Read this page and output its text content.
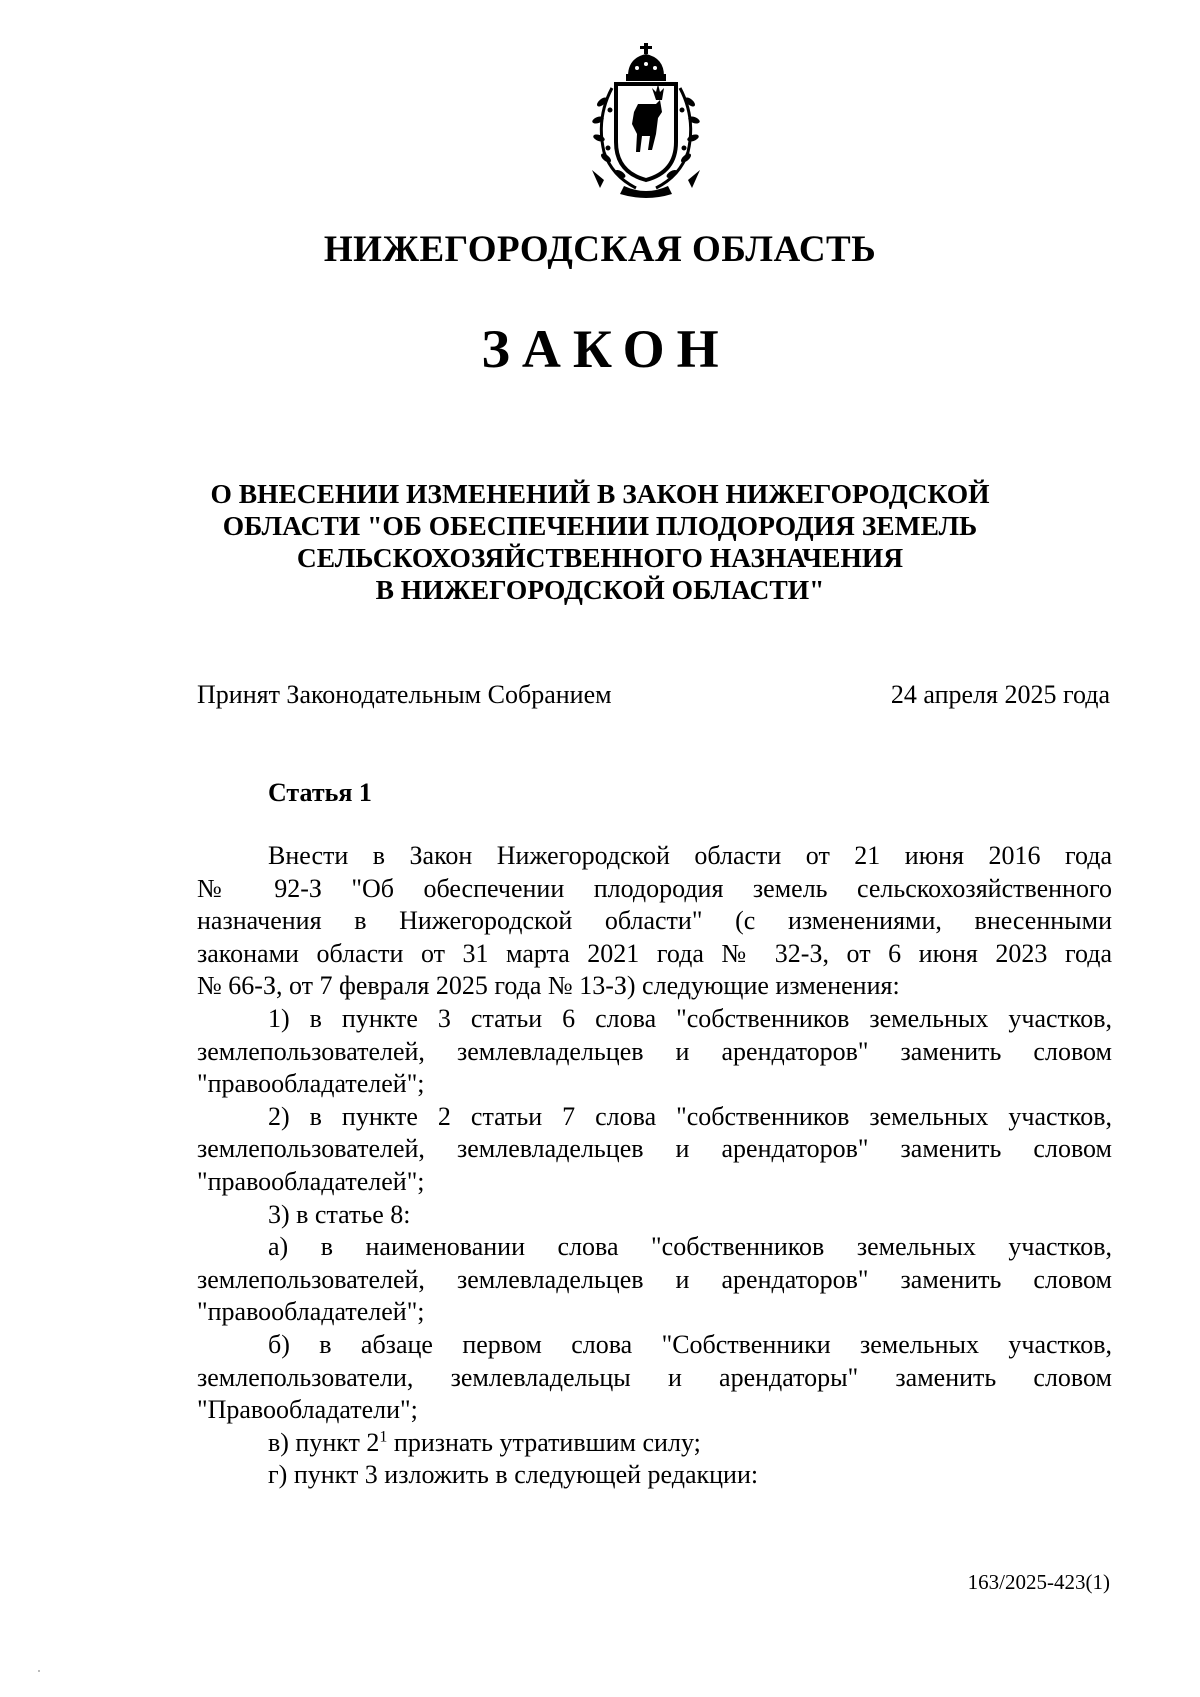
НИЖЕГОРОДСКАЯ ОБЛАСТЬ
ЗАКОН
О ВНЕСЕНИИ ИЗМЕНЕНИЙ В ЗАКОН НИЖЕГОРОДСКОЙ
ОБЛАСТИ "ОБ ОБЕСПЕЧЕНИИ ПЛОДОРОДИЯ ЗЕМЕЛЬ
СЕЛЬСКОХОЗЯЙСТВЕННОГО НАЗНАЧЕНИЯ
В НИЖЕГОРОДСКОЙ ОБЛАСТИ"

Принят Законодательным Собранием	24 апреля 2025 года

Статья 1

Внести в Закон Нижегородской области от 21 июня 2016 года
№ 92-З "Об обеспечении плодородия земель сельскохозяйственного
назначения в Нижегородской области" (с изменениями, внесенными
законами области от 31 марта 2021 года № 32-З, от 6 июня 2023 года
№ 66-З, от 7 февраля 2025 года № 13-З) следующие изменения:

1) в пункте 3 статьи 6 слова "собственников земельных участков,
землепользователей, землевладельцев и арендаторов" заменить словом
"правообладателей";

2) в пункте 2 статьи 7 слова "собственников земельных участков,
землепользователей, землевладельцев и арендаторов" заменить словом
"правообладателей";

3) в статье 8:

а) в наименовании слова "собственников земельных участков,
землепользователей, землевладельцев и арендаторов" заменить словом
"правообладателей";

б) в абзаце первом слова "Собственники земельных участков,
землепользователи, землевладельцы и арендаторы" заменить словом
"Правообладатели";

в) пункт $2^1$ признать утратившим силу;

г) пункт 3 изложить в следующей редакции:

163/2025-423(1)
